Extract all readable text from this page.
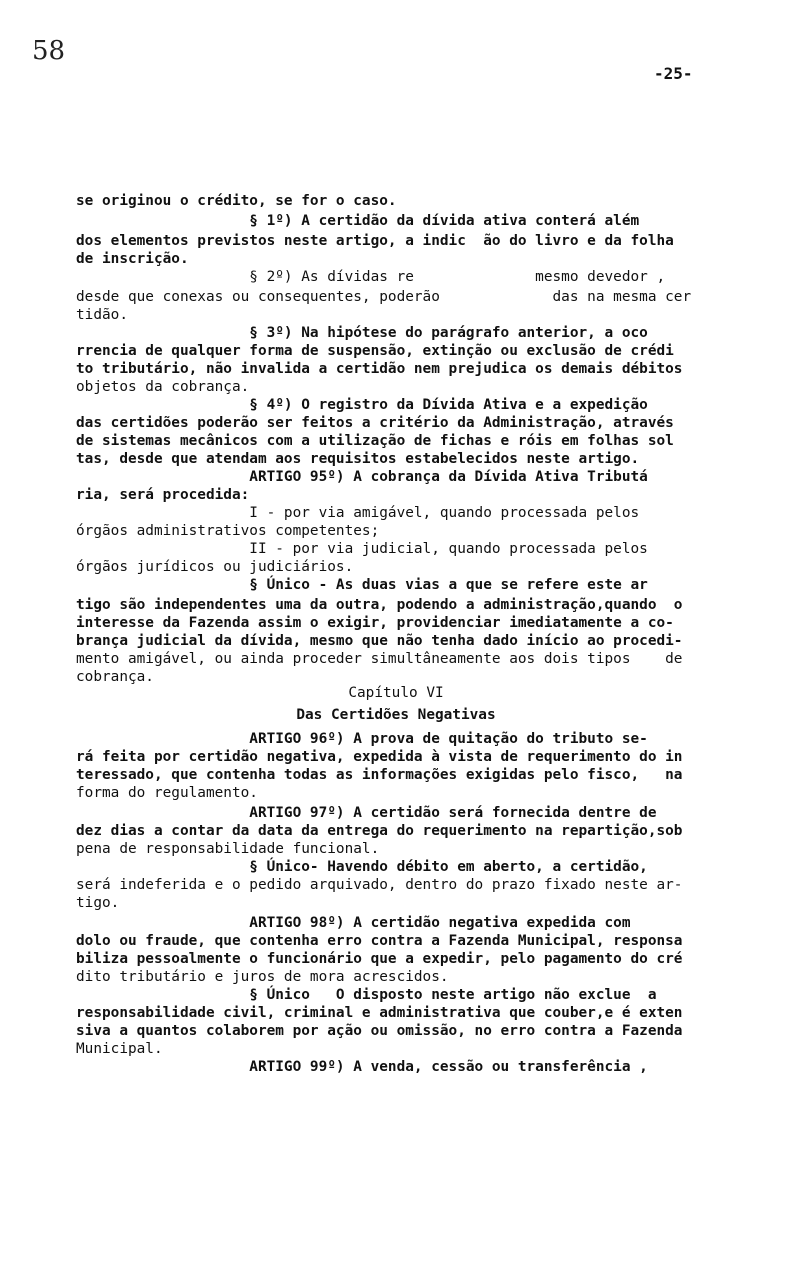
58
-25-
se originou o crédito, se for o caso.
§ 1º) A certidão da dívida ativa conterá além
dos elementos previstos neste artigo, a indic  ão do livro e da folha
de inscrição.
§ 2º) As dívidas re              mesmo devedor ,
desde que conexas ou consequentes, poderão             das na mesma cer
tidão.
§ 3º) Na hipótese do parágrafo anterior, a oco
rrencia de qualquer forma de suspensão, extinção ou exclusão de crédi
to tributário, não invalida a certidão nem prejudica os demais débitos
objetos da cobrança.
§ 4º) O registro da Dívida Ativa e a expedição
das certidões poderão ser feitos a critério da Administração, através
de sistemas mecânicos com a utilização de fichas e róis em folhas sol
tas, desde que atendam aos requisitos estabelecidos neste artigo.
ARTIGO 95º) A cobrança da Dívida Ativa Tributá
ria, será procedida:
I - por via amigável, quando processada pelos
órgãos administrativos competentes;
II - por via judicial, quando processada pelos
órgãos jurídicos ou judiciários.
§ Único - As duas vias a que se refere este ar
tigo são independentes uma da outra, podendo a administração,quando  o
interesse da Fazenda assim o exigir, providenciar imediatamente a co-
brança judicial da dívida, mesmo que não tenha dado início ao procedi-
mento amigável, ou ainda proceder simultâneamente aos dois tipos    de
cobrança.
Capítulo VI
Das Certidões Negativas
ARTIGO 96º) A prova de quitação do tributo se-
rá feita por certidão negativa, expedida à vista de requerimento do in
teressado, que contenha todas as informações exigidas pelo fisco,   na
forma do regulamento.
ARTIGO 97º) A certidão será fornecida dentre de
dez dias a contar da data da entrega do requerimento na repartição,sob
pena de responsabilidade funcional.
§ Único- Havendo débito em aberto, a certidão,
será indeferida e o pedido arquivado, dentro do prazo fixado neste ar-
tigo.
ARTIGO 98º) A certidão negativa expedida com
dolo ou fraude, que contenha erro contra a Fazenda Municipal, responsa
biliza pessoalmente o funcionário que a expedir, pelo pagamento do cré
dito tributário e juros de mora acrescidos.
§ Único   O disposto neste artigo não exclue  a
responsabilidade civil, criminal e administrativa que couber,e é exten
siva a quantos colaborem por ação ou omissão, no erro contra a Fazenda
Municipal.
ARTIGO 99º) A venda, cessão ou transferência ,
